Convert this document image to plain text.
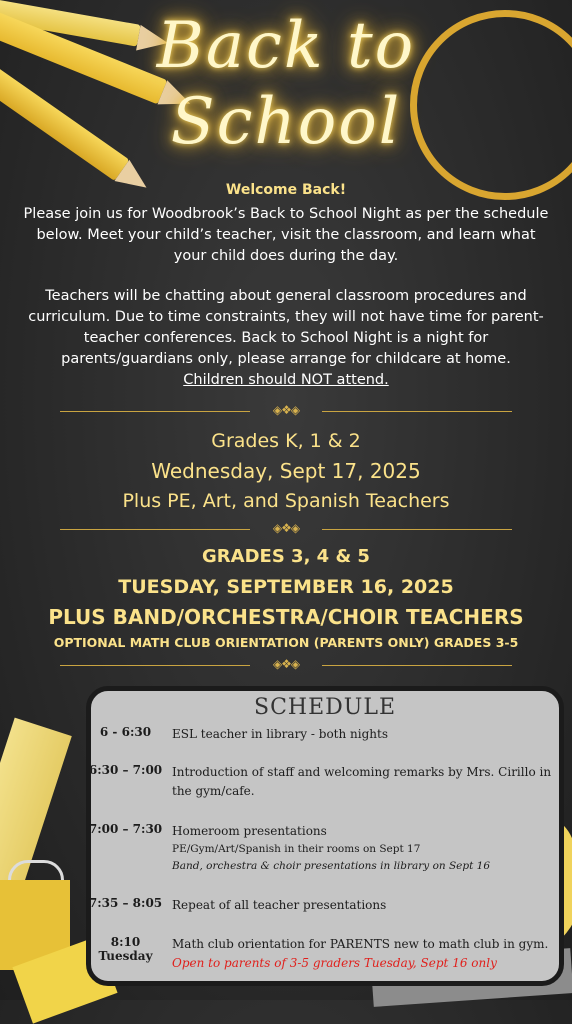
Back to
School
Welcome Back!
Please join us for Woodbrook’s Back to School Night as per the schedule below. Meet your child’s teacher, visit the classroom, and learn what your child does during the day.
Teachers will be chatting about general classroom procedures and curriculum. Due to time constraints, they will not have time for parent-teacher conferences. Back to School Night is a night for parents/guardians only, please arrange for childcare at home.
Children should NOT attend.
◈❖◈
Grades K, 1 & 2
Wednesday, Sept 17, 2025
Plus PE, Art, and Spanish Teachers
◈❖◈
GRADES 3, 4 & 5
TUESDAY, SEPTEMBER 16, 2025
PLUS BAND/ORCHESTRA/CHOIR TEACHERS
OPTIONAL MATH CLUB ORIENTATION (PARENTS ONLY) GRADES 3-5
◈❖◈
SCHEDULE
6 - 6:30	ESL teacher in library - both nights
6:30 – 7:00 Introduction of staff and welcoming remarks by Mrs. Cirillo in the gym/cafe.
7:00 – 7:30 Homeroom presentations
PE/Gym/Art/Spanish in their rooms on Sept 17
Band, orchestra & choir presentations in library on Sept 16
7:35 – 8:05 Repeat of all teacher presentations
8:10
Tuesday
Math club orientation for PARENTS new to math club in gym.
Open to parents of 3-5 graders Tuesday, Sept 16 only
